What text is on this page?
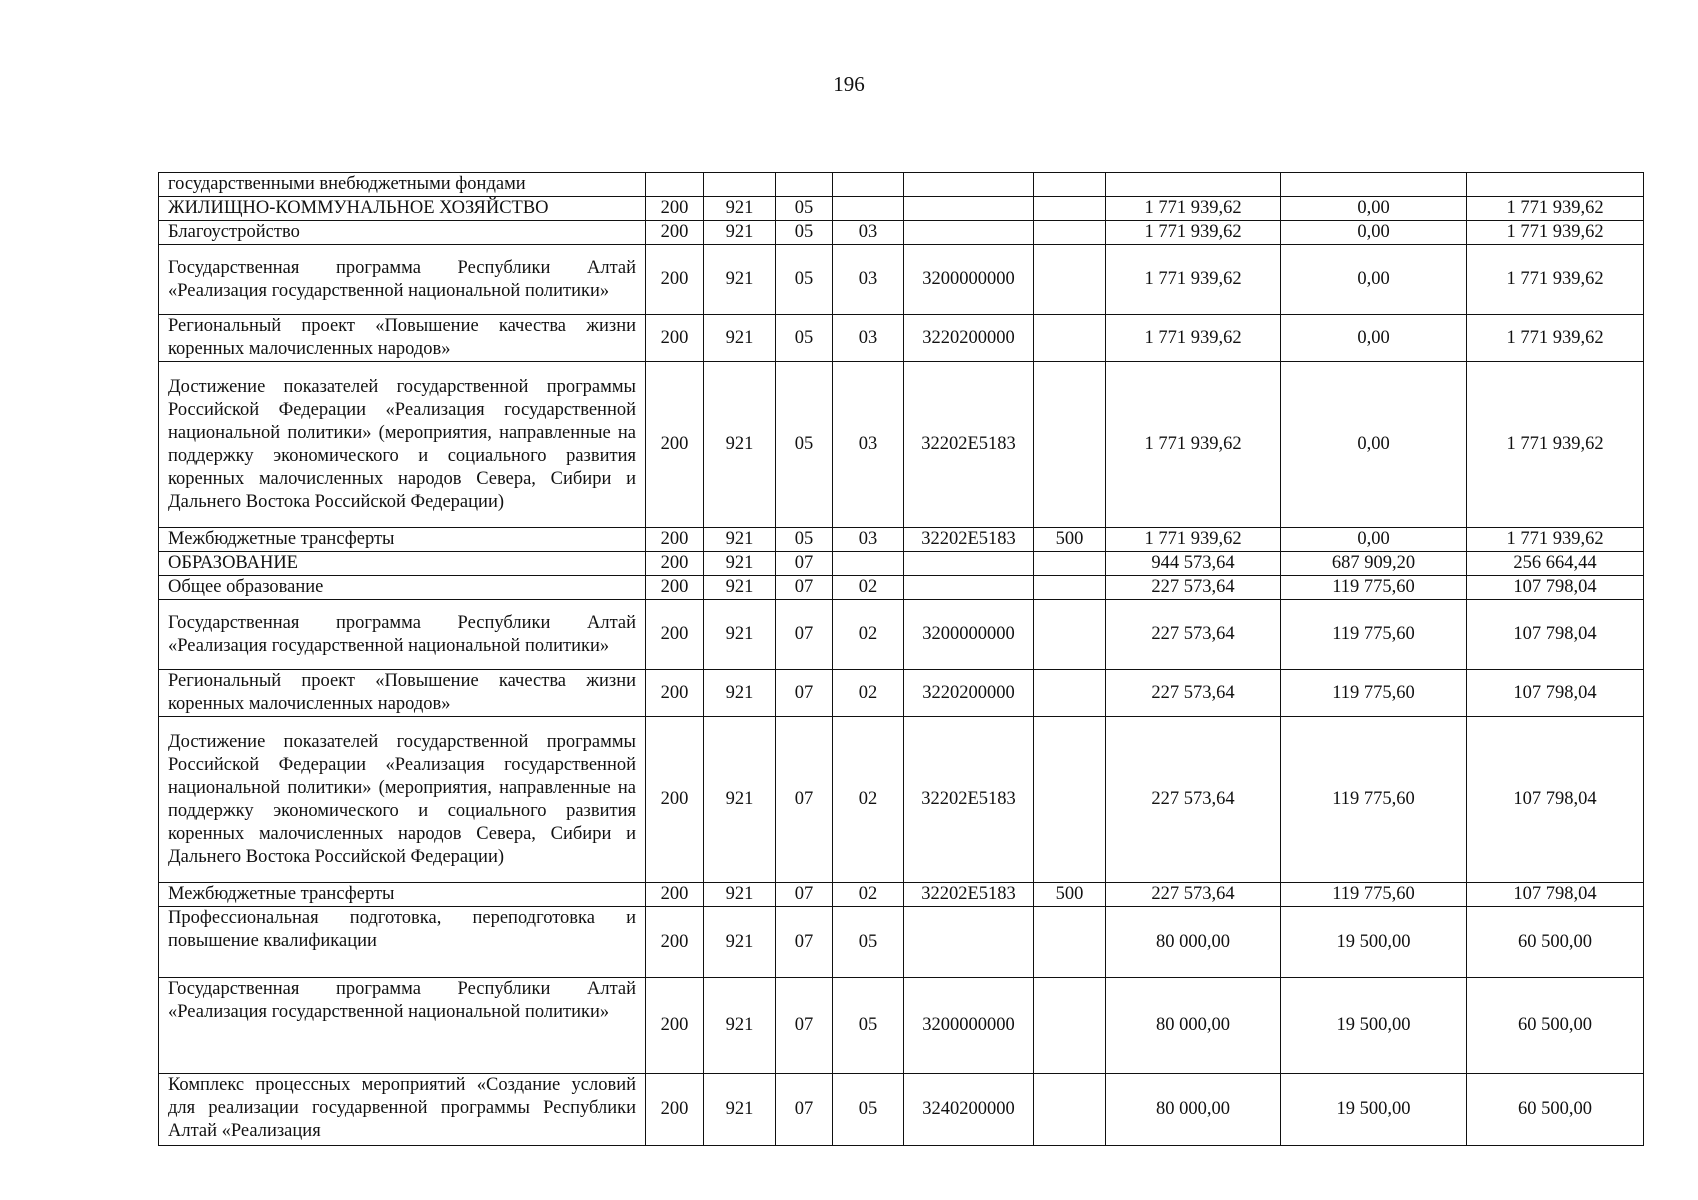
196
государственными внебюджетными фондами									
ЖИЛИЩНО-КОММУНАЛЬНОЕ ХОЗЯЙСТВО	200	921	05				1 771 939,62	0,00	1 771 939,62
Благоустройство	200	921	05	03			1 771 939,62	0,00	1 771 939,62
Государственная программа Республики Алтай «Реализация государственной национальной политики»	200	921	05	03	3200000000		1 771 939,62	0,00	1 771 939,62
Региональный проект «Повышение качества жизни коренных малочисленных народов»	200	921	05	03	3220200000		1 771 939,62	0,00	1 771 939,62
Достижение показателей государственной программы Российской Федерации «Реализация государственной национальной политики» (мероприятия, направленные на поддержку экономического и социального развития коренных малочисленных народов Севера, Сибири и Дальнего Востока Российской Федерации)	200	921	05	03	32202E5183		1 771 939,62	0,00	1 771 939,62
Межбюджетные трансферты	200	921	05	03	32202E5183	500	1 771 939,62	0,00	1 771 939,62
ОБРАЗОВАНИЕ	200	921	07				944 573,64	687 909,20	256 664,44
Общее образование	200	921	07	02			227 573,64	119 775,60	107 798,04
Государственная программа Республики Алтай «Реализация государственной национальной политики»	200	921	07	02	3200000000		227 573,64	119 775,60	107 798,04
Региональный проект «Повышение качества жизни коренных малочисленных народов»	200	921	07	02	3220200000		227 573,64	119 775,60	107 798,04
Достижение показателей государственной программы Российской Федерации «Реализация государственной национальной политики» (мероприятия, направленные на поддержку экономического и социального развития коренных малочисленных народов Севера, Сибири и Дальнего Востока Российской Федерации)	200	921	07	02	32202E5183		227 573,64	119 775,60	107 798,04
Межбюджетные трансферты	200	921	07	02	32202E5183	500	227 573,64	119 775,60	107 798,04
Профессиональная подготовка, переподготовка и повышение квалификации	200	921	07	05			80 000,00	19 500,00	60 500,00
Государственная программа Республики Алтай «Реализация государственной национальной политики»	200	921	07	05	3200000000		80 000,00	19 500,00	60 500,00
Комплекс процессных мероприятий «Создание условий для реализации государвенной программы Республики Алтай «Реализация	200	921	07	05	3240200000		80 000,00	19 500,00	60 500,00
